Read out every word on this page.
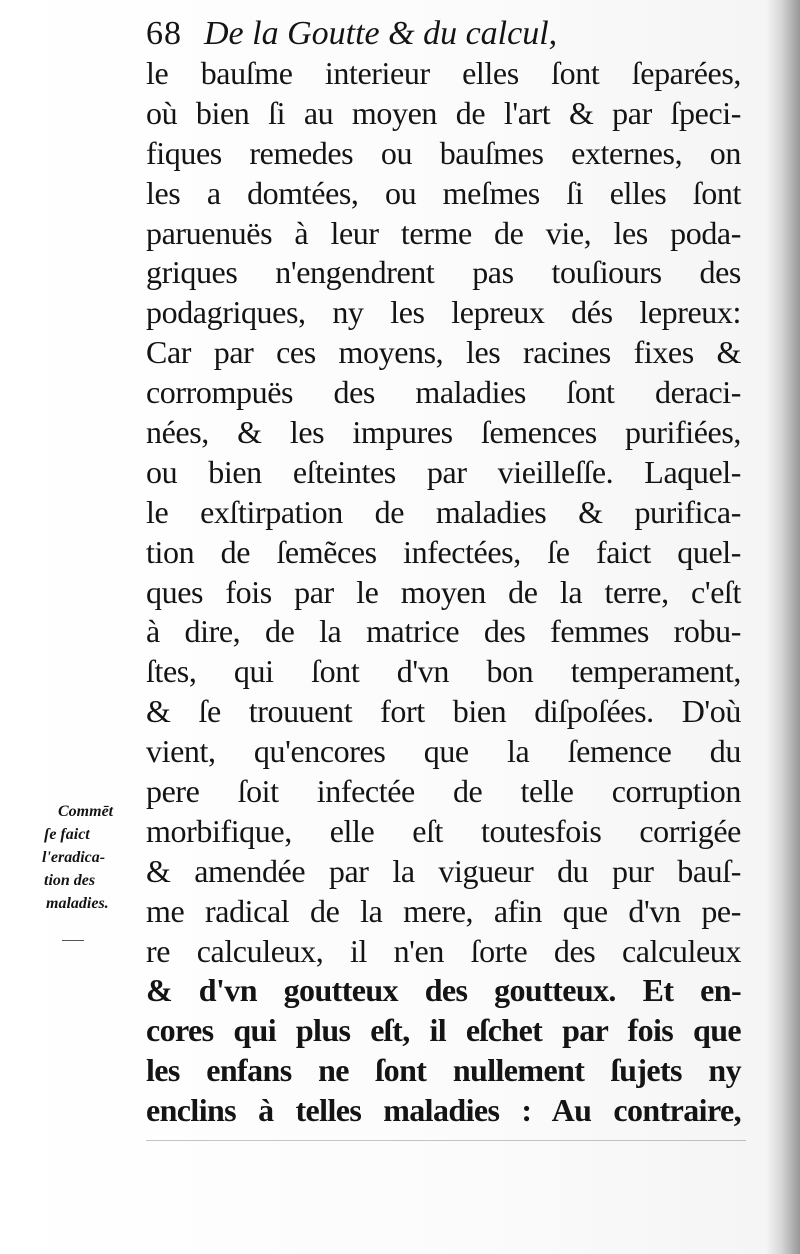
68 De la Goutte & du calcul,
le bauſme interieur elles ſont ſeparées,
où bien ſi au moyen de l'art & par ſpeci-
fiques remedes ou bauſmes externes, on
les a domtées, ou meſmes ſi elles ſont
paruenuës à leur terme de vie, les poda-
griques n'engendrent pas touſiours des
podagriques, ny les lepreux dés lepreux:
Car par ces moyens, les racines fixes &
corrompuës des maladies ſont deraci-
nées, & les impures ſemences purifiées,
ou bien eſteintes par vieilleſſe. Laquel-
le exſtirpation de maladies & purifica-
tion de ſemẽces infectées, ſe faict quel-
ques fois par le moyen de la terre, c'eſt
à dire, de la matrice des femmes robu-
ſtes, qui ſont d'vn bon temperament,
& ſe trouuent fort bien diſpoſées. D'où
vient, qu'encores que la ſemence du
pere ſoit infectée de telle corruption
morbifique, elle eſt toutesfois corrigée
& amendée par la vigueur du pur bauſ-
me radical de la mere, afin que d'vn pe-
re calculeux, il n'en ſorte des calculeux
& d'vn goutteux des goutteux. Et en-
cores qui plus eſt, il eſchet par fois que
les enfans ne ſont nullement ſujets ny
enclins à telles maladies : Au contraire,
Commēt
ſe faict
l'eradica-
tion des
maladies.
